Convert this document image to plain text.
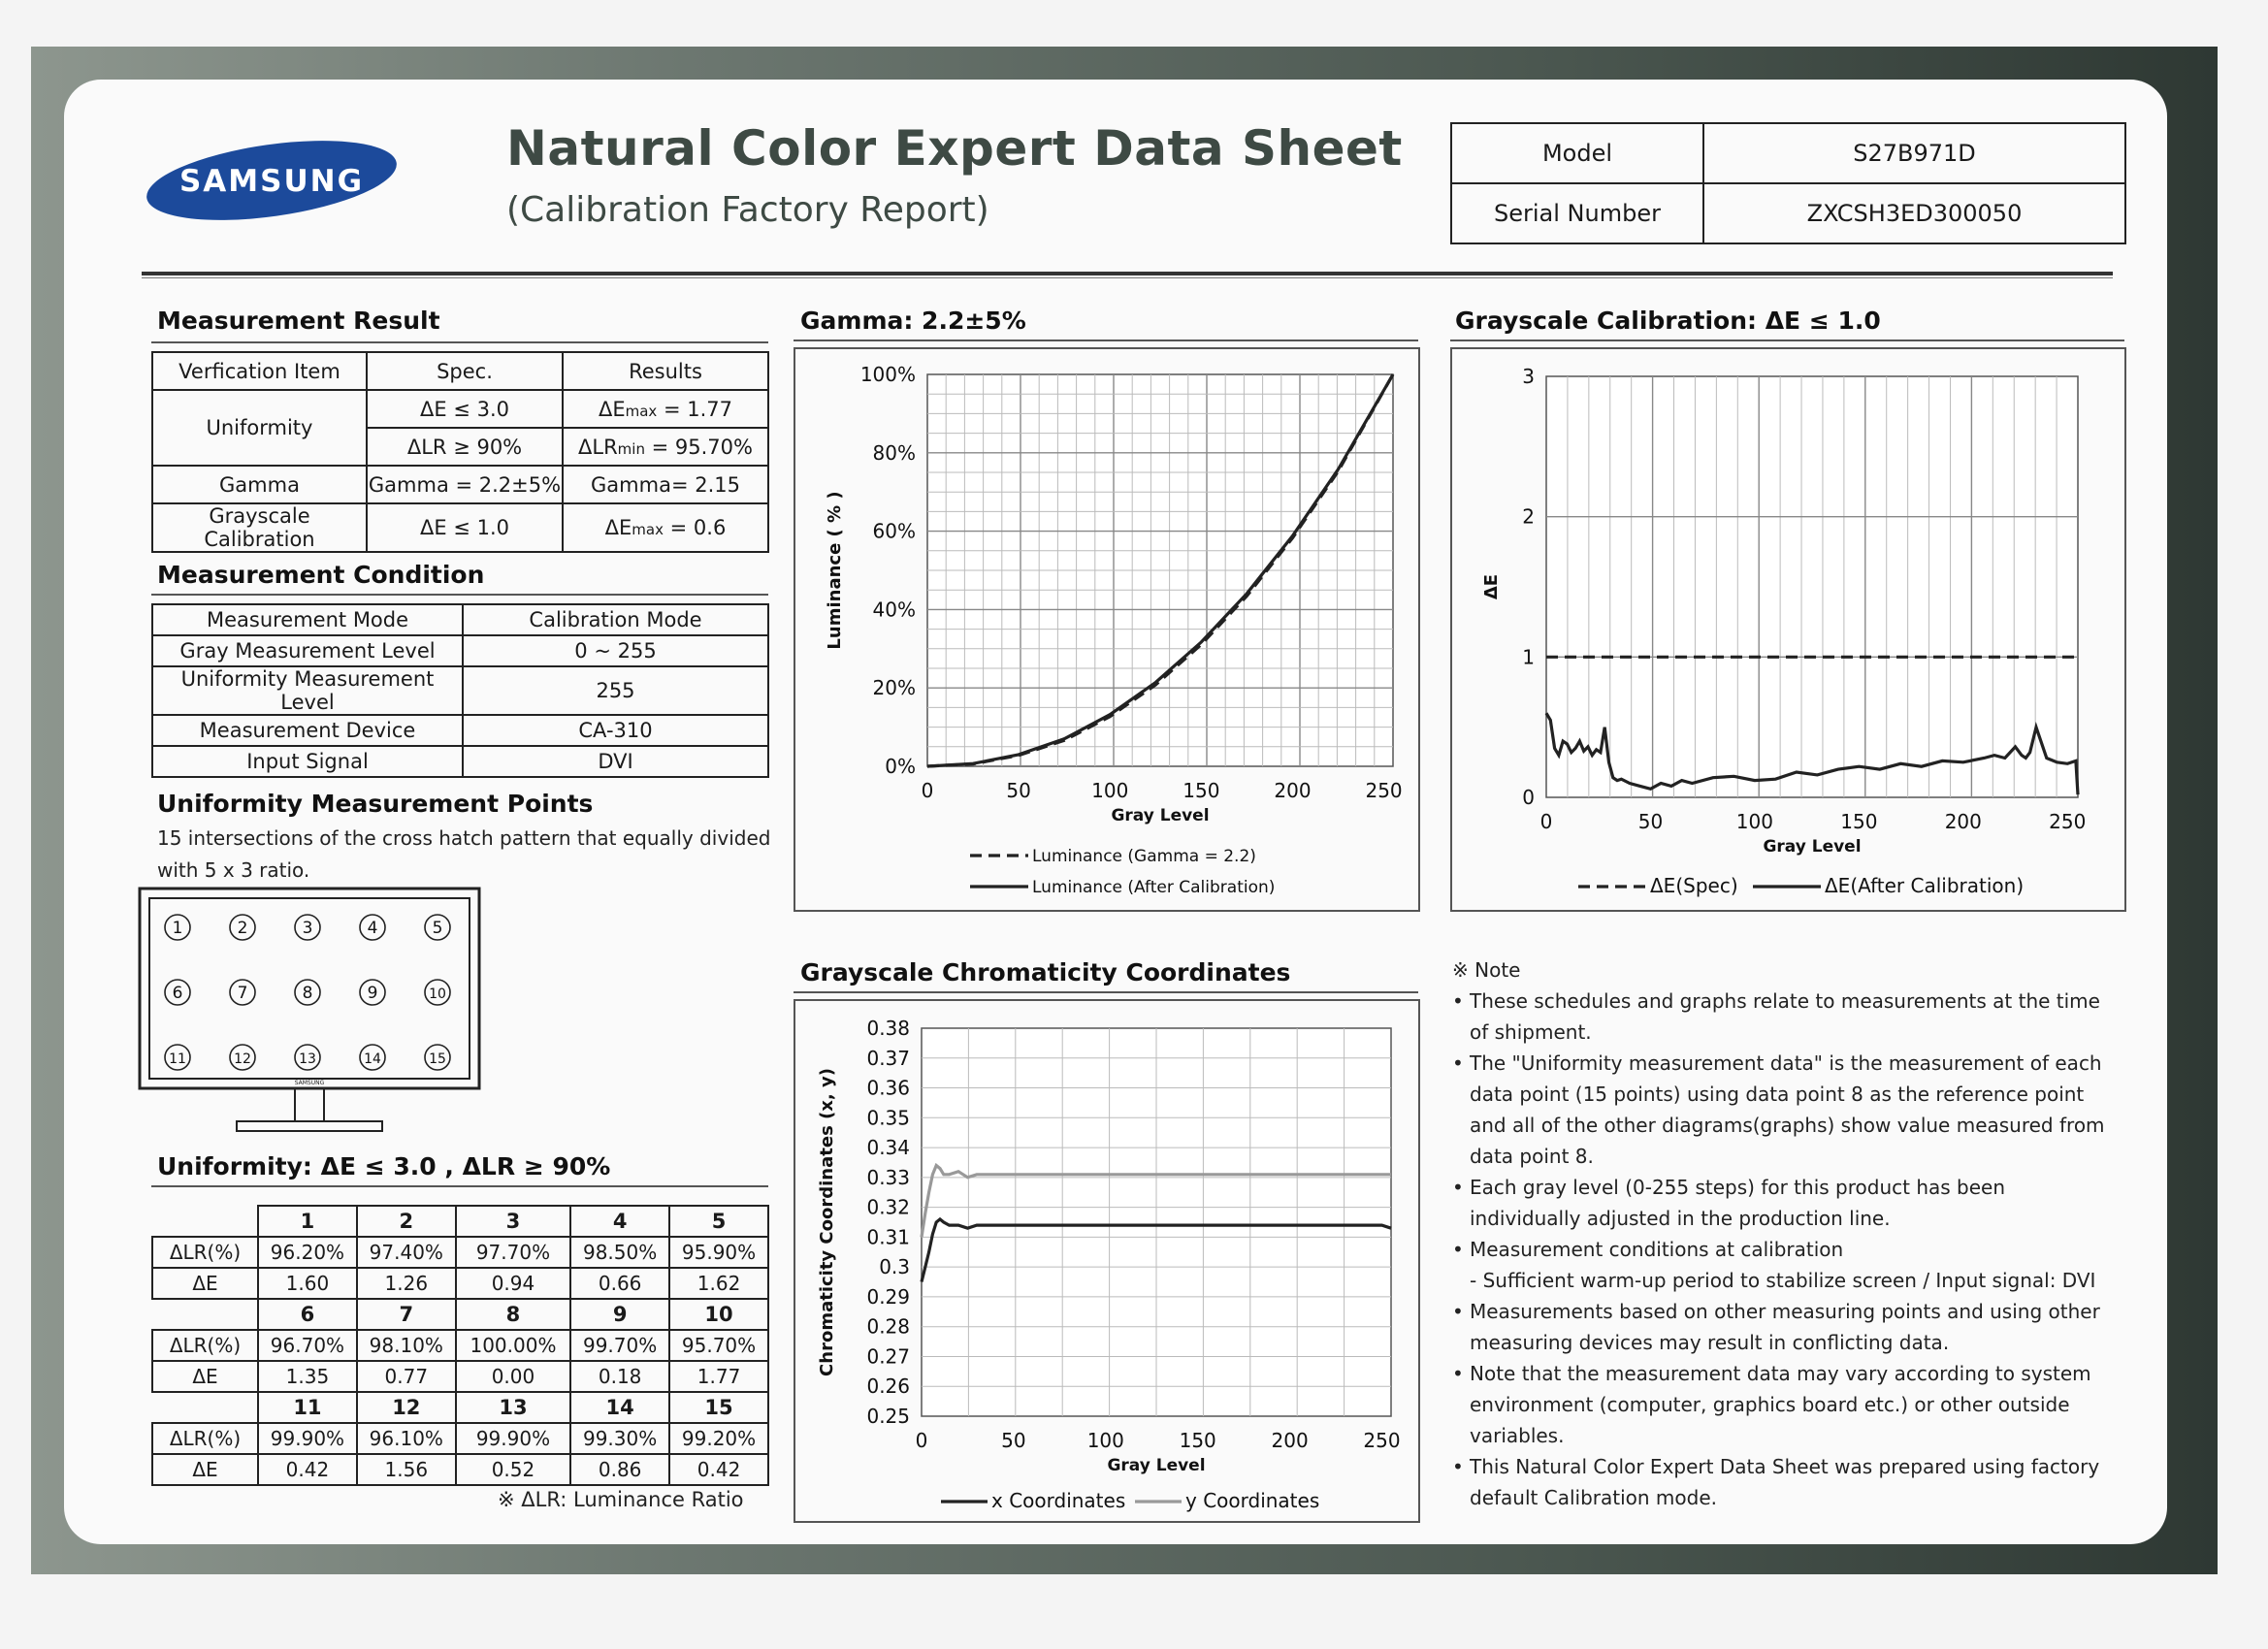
SAMSUNG
Natural Color Expert Data Sheet
(Calibration Factory Report)
Model	S27B971D
Serial Number	ZXCSH3ED300050
Measurement Result
Verfication Item	Spec.	Results
Uniformity	ΔE ≤ 3.0	ΔEmax = 1.77
	ΔLR ≥ 90%	ΔLRmin = 95.70%
Gamma	Gamma = 2.2±5%	Gamma= 2.15
Grayscale Calibration	ΔE ≤ 1.0	ΔEmax = 0.6
Measurement Condition
Measurement Mode	Calibration Mode
Gray Measurement Level	0 ~ 255
Uniformity Measurement Level	255
Measurement Device	CA-310
Input Signal	DVI
Uniformity Measurement Points
15 intersections of the cross hatch pattern that equally divided
with 5 x 3 ratio.
SAMSUNG
1	2	3	4	5
6	7	8	9	10
11	12	13	14	15
Uniformity: ΔE ≤ 3.0 , ΔLR ≥ 90%
	1	2	3	4	5
ΔLR(%)	96.20%	97.40%	97.70%	98.50%	95.90%
ΔE	1.60	1.26	0.94	0.66	1.62
	6	7	8	9	10
ΔLR(%)	96.70%	98.10%	100.00%	99.70%	95.70%
ΔE	1.35	0.77	0.00	0.18	1.77
	11	12	13	14	15
ΔLR(%)	99.90%	96.10%	99.90%	99.30%	99.20%
ΔE	0.42	1.56	0.52	0.86	0.42
※ ΔLR: Luminance Ratio
Gamma: 2.2±5%
0%
20%
40%
60%
80%
100%
0	50	100	150	200	250
Gray Level
Luminance ( % )
Luminance (Gamma = 2.2)
Luminance (After Calibration)
Grayscale Calibration: ΔE ≤ 1.0
0
1
2
3
0	50	100	150	200	250
Gray Level
ΔE
ΔE(Spec)	ΔE(After Calibration)
Grayscale Chromaticity Coordinates
0.25
0.26
0.27
0.28
0.29
0.3
0.31
0.32
0.33
0.34
0.35
0.36
0.37
0.38
0	50	100	150	200	250
Gray Level
Chromaticity Coordinates (x, y)
x Coordinates	y Coordinates
※ Note
• These schedules and graphs relate to measurements at the time of shipment.
• The "Uniformity measurement data" is the measurement of each data point (15 points) using data point 8 as the reference point and all of the other diagrams(graphs) show value measured from data point 8.
• Each gray level (0-255 steps) for this product has been individually adjusted in the production line.
• Measurement conditions at calibration
- Sufficient warm-up period to stabilize screen / Input signal: DVI
• Measurements based on other measuring points and using other measuring devices may result in conflicting data.
• Note that the measurement data may vary according to system environment (computer, graphics board etc.) or other outside variables.
• This Natural Color Expert Data Sheet was prepared using factory default Calibration mode.
